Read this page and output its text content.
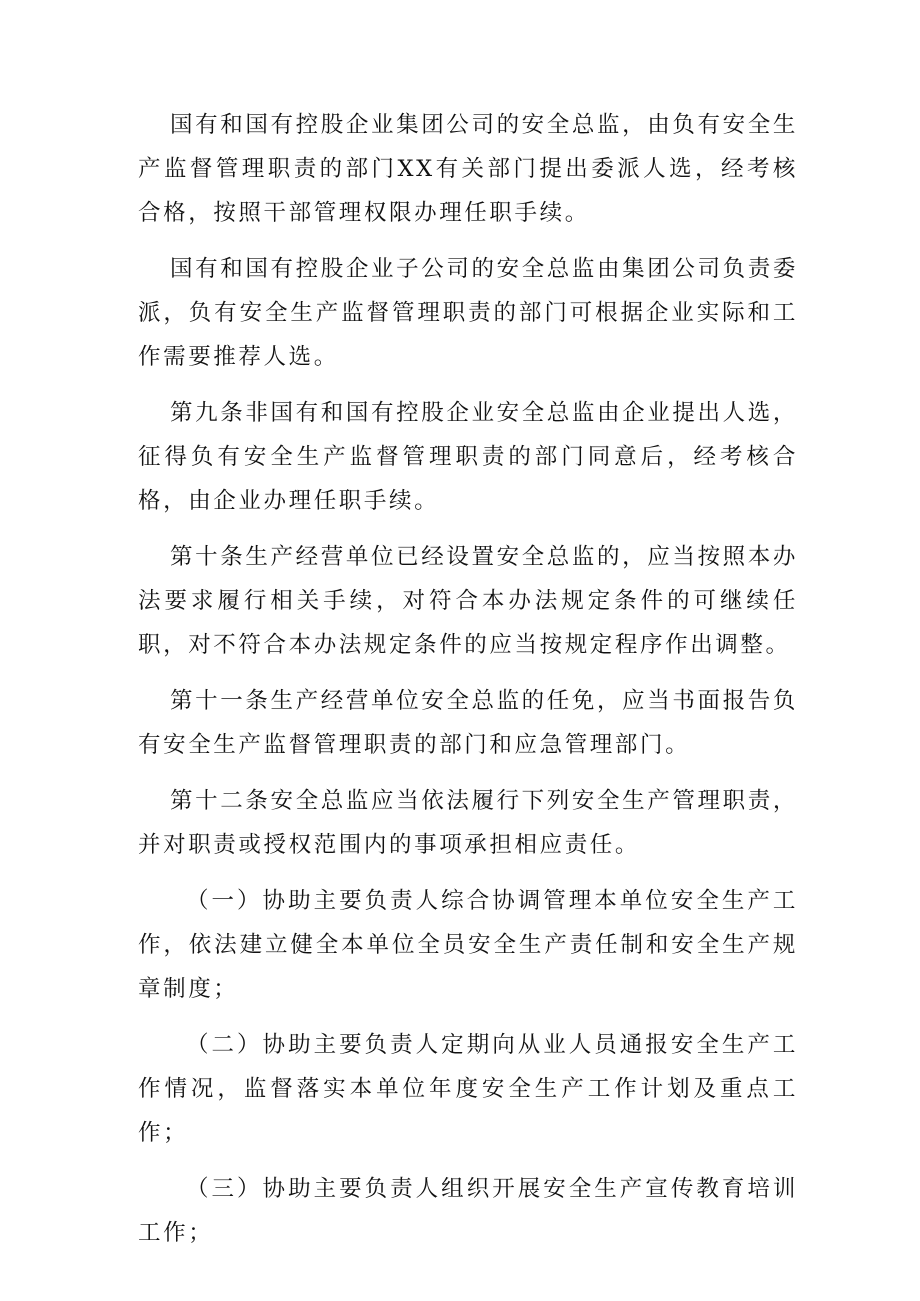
国有和国有控股企业集团公司的安全总监，由负有安全生产监督管理职责的部门XX有关部门提出委派人选，经考核合格，按照干部管理权限办理任职手续。

国有和国有控股企业子公司的安全总监由集团公司负责委派，负有安全生产监督管理职责的部门可根据企业实际和工作需要推荐人选。

第九条非国有和国有控股企业安全总监由企业提出人选，征得负有安全生产监督管理职责的部门同意后，经考核合格，由企业办理任职手续。

第十条生产经营单位已经设置安全总监的，应当按照本办法要求履行相关手续，对符合本办法规定条件的可继续任职，对不符合本办法规定条件的应当按规定程序作出调整。

第十一条生产经营单位安全总监的任免，应当书面报告负有安全生产监督管理职责的部门和应急管理部门。

第十二条安全总监应当依法履行下列安全生产管理职责，并对职责或授权范围内的事项承担相应责任。

（一）协助主要负责人综合协调管理本单位安全生产工作，依法建立健全本单位全员安全生产责任制和安全生产规章制度；

（二）协助主要负责人定期向从业人员通报安全生产工作情况，监督落实本单位年度安全生产工作计划及重点工作；

（三）协助主要负责人组织开展安全生产宣传教育培训工作；
